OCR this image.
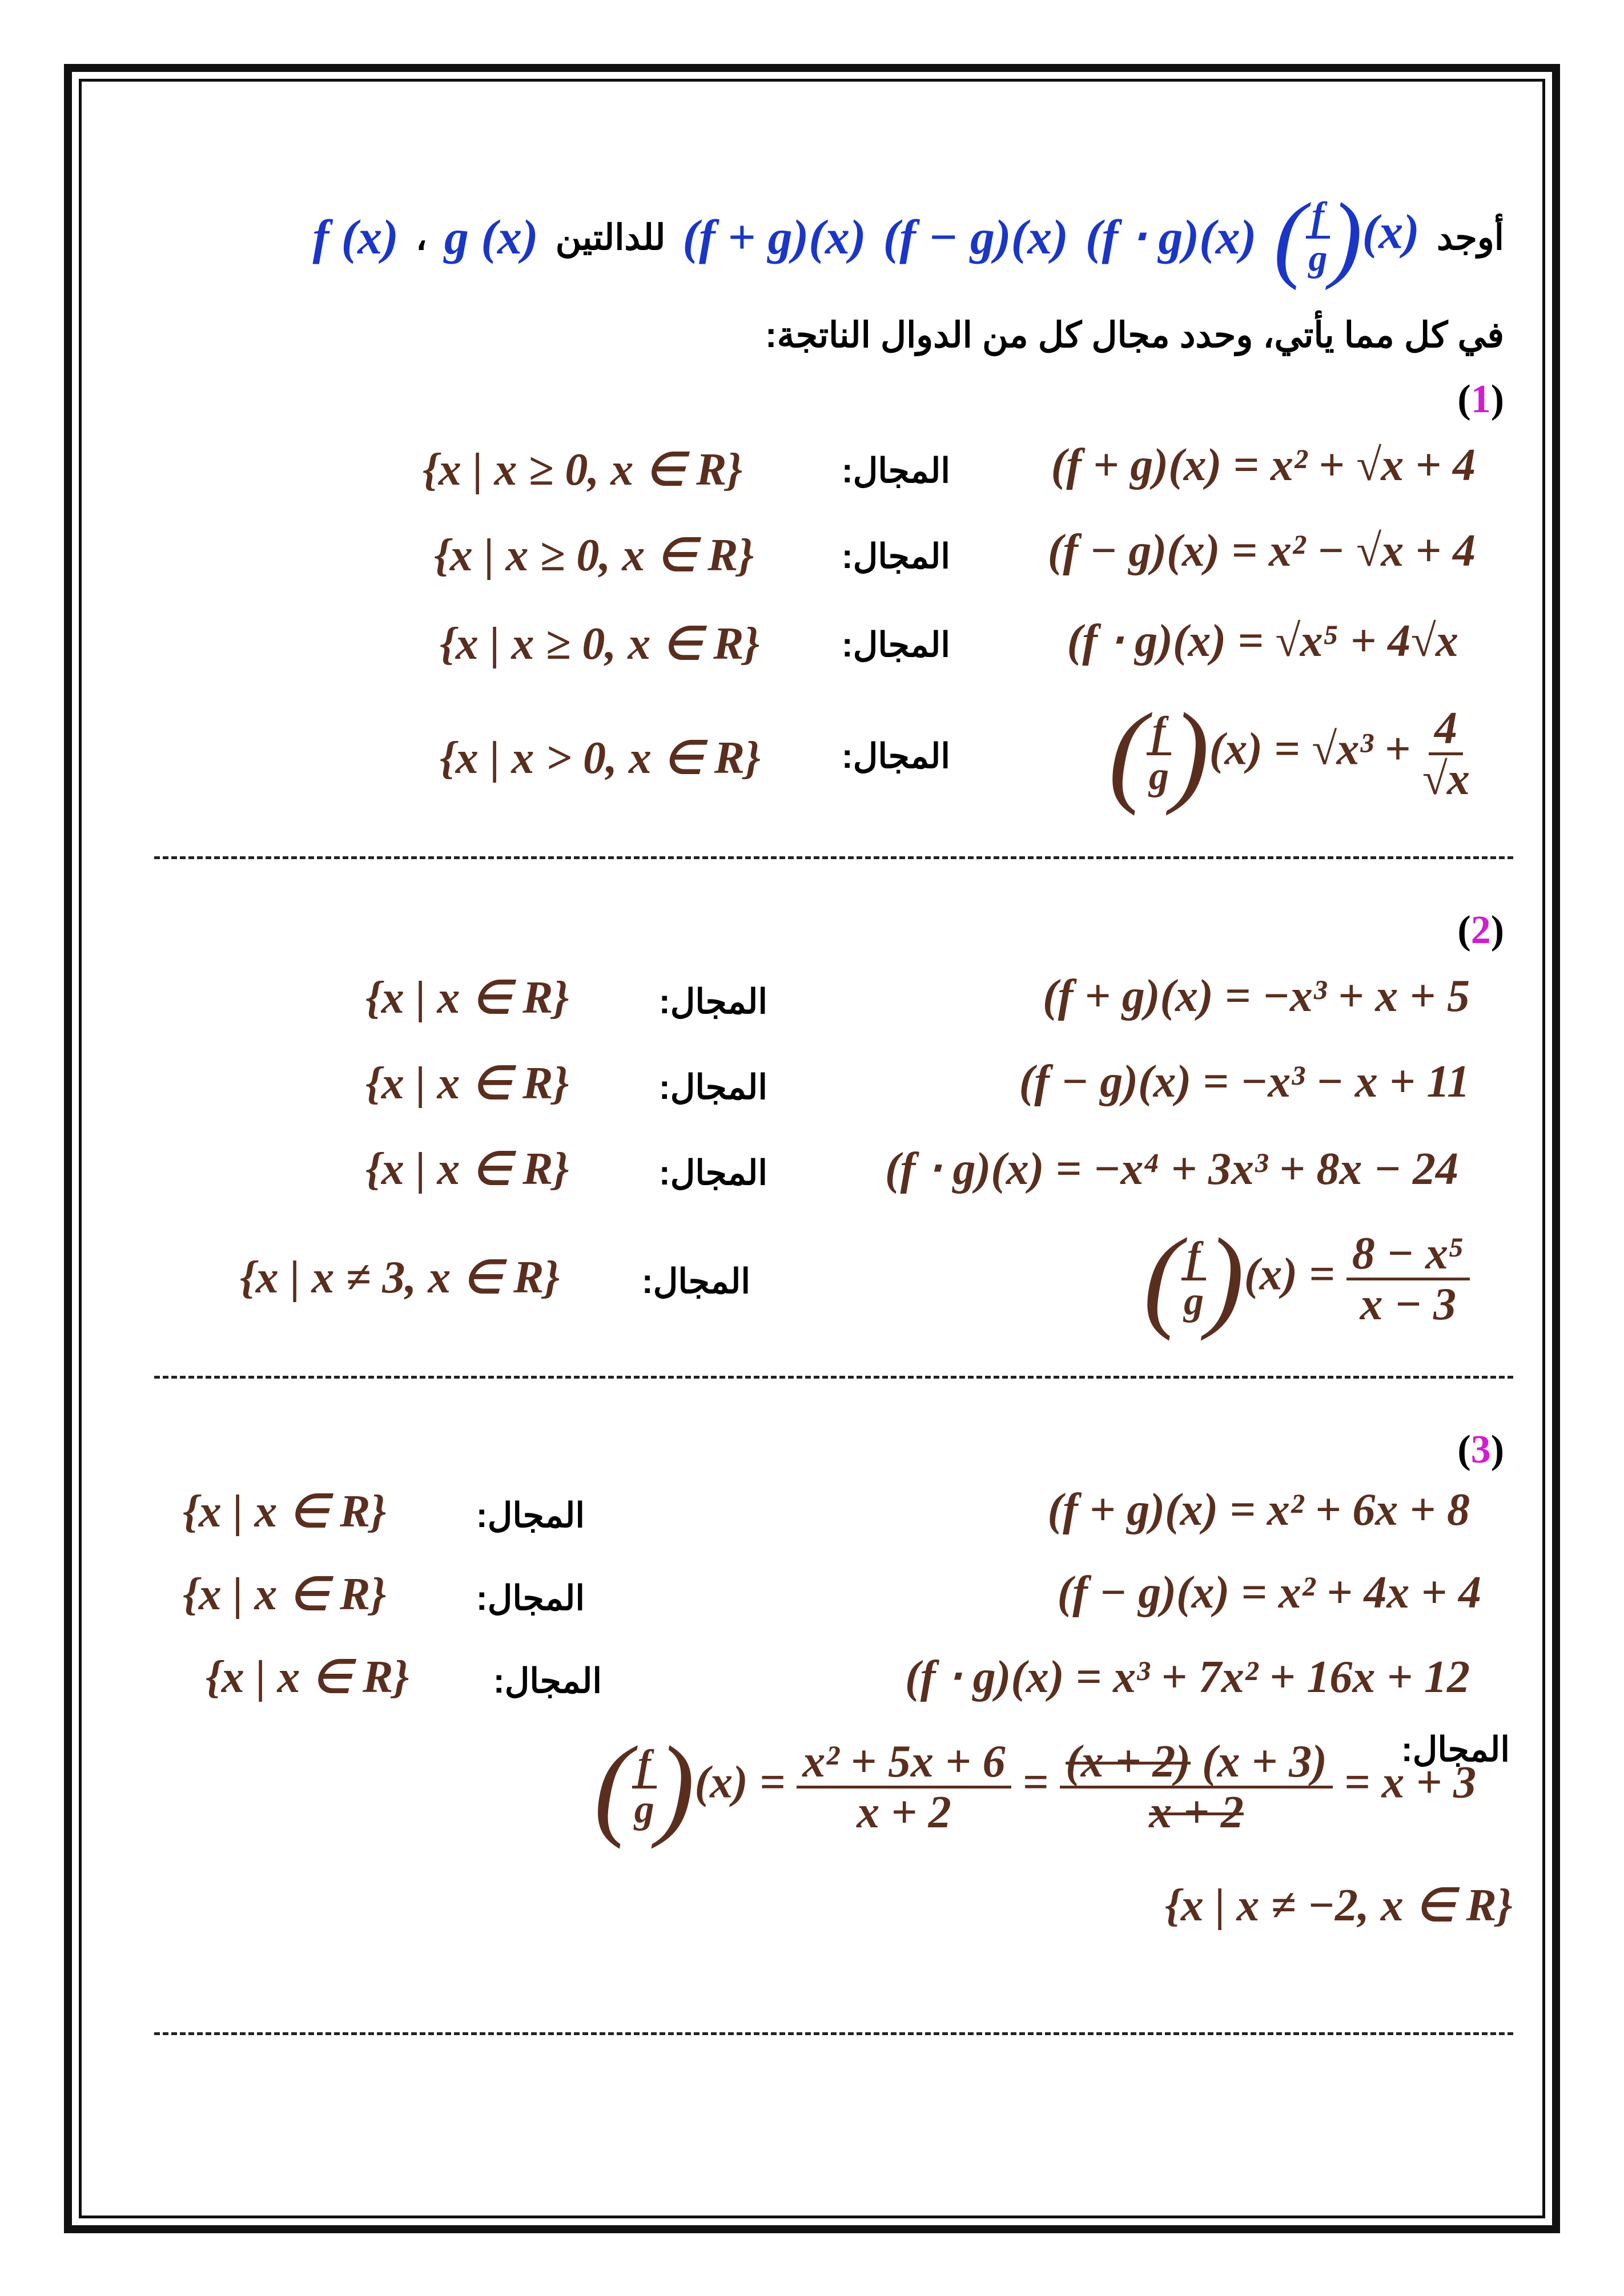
أوجد
( $\frac{f}{g} )(x)$
(f ⋅ g)(x)
(f − g)(x)
(f + g)(x)
للدالتين
g (x)
،
f (x)
في كل مما يأتي، وحدد مجال كل من الدوال الناتجة:
(1)
(f + g)(x) = x² + √x + 4
المجال:
{x | x ≥ 0, x ∈ R}
(f − g)(x) = x² − √x + 4
المجال:
{x | x ≥ 0, x ∈ R}
(f ⋅ g)(x) = √x⁵ + 4√x
المجال:
{x | x ≥ 0, x ∈ R}
( $\frac{f}{g} )(x) = √x^3 + \frac{4}{√x}$
المجال:
{x | x > 0, x ∈ R}
(2)
(f + g)(x) = −x³ + x + 5
المجال:
{x | x ∈ R}
(f − g)(x) = −x³ − x + 11
المجال:
{x | x ∈ R}
(f ⋅ g)(x) = −x⁴ + 3x³ + 8x − 24
المجال:
{x | x ∈ R}
( $\frac{f}{g} )(x) = \frac{\text{8 − x⁵}}{x - 3}$
المجال:
{x | x ≠ 3, x ∈ R}
(3)
(f + g)(x) = x² + 6x + 8
المجال:
{x | x ∈ R}
(f − g)(x) = x² + 4x + 4
المجال:
{x | x ∈ R}
(f ⋅ g)(x) = x³ + 7x² + 16x + 12
المجال:
{x | x ∈ R}
المجال:
( $\frac{f}{g} )(x) = \frac{\text{x² + 5x + 6}}{x + 2} = \frac{(x + 2) (x + 3)}{x + 2} = x + 3$
{x | x ≠ −2, x ∈ R}
